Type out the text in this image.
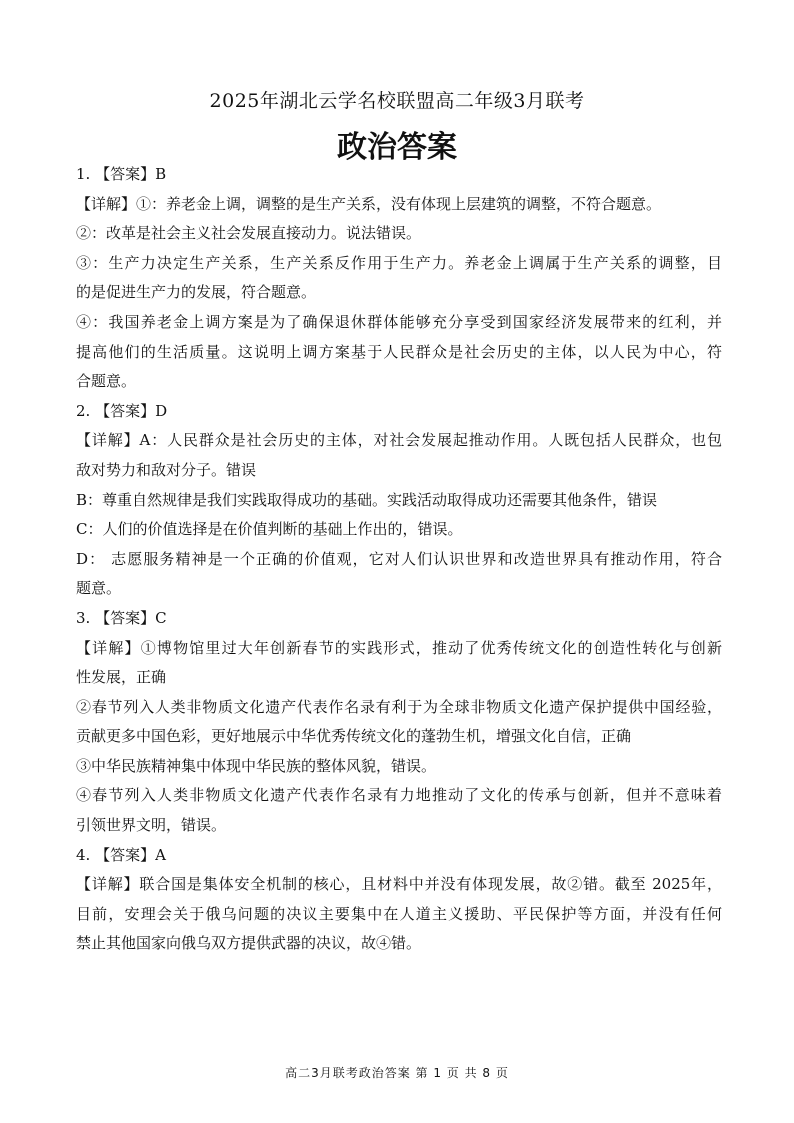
2025年湖北云学名校联盟高二年级3月联考
政治答案
1. 【答案】B
【详解】①：养老金上调，调整的是生产关系，没有体现上层建筑的调整，不符合题意。
②：改革是社会主义社会发展直接动力。说法错误。
③：生产力决定生产关系，生产关系反作用于生产力。养老金上调属于生产关系的调整，目
的是促进生产力的发展，符合题意。
④：我国养老金上调方案是为了确保退休群体能够充分享受到国家经济发展带来的红利，并
提高他们的生活质量。这说明上调方案基于人民群众是社会历史的主体，以人民为中心，符
合题意。
2. 【答案】D
【详解】A：人民群众是社会历史的主体，对社会发展起推动作用。人既包括人民群众，也包
敌对势力和敌对分子。错误
B：尊重自然规律是我们实践取得成功的基础。实践活动取得成功还需要其他条件，错误
C：人们的价值选择是在价值判断的基础上作出的，错误。
D： 志愿服务精神是一个正确的价值观，它对人们认识世界和改造世界具有推动作用，符合
题意。
3. 【答案】C
【详解】①博物馆里过大年创新春节的实践形式，推动了优秀传统文化的创造性转化与创新
性发展，正确
②春节列入人类非物质文化遗产代表作名录有利于为全球非物质文化遗产保护提供中国经验，
贡献更多中国色彩，更好地展示中华优秀传统文化的蓬勃生机，增强文化自信，正确
③中华民族精神集中体现中华民族的整体风貌，错误。
④春节列入人类非物质文化遗产代表作名录有力地推动了文化的传承与创新，但并不意味着
引领世界文明，错误。
4. 【答案】A
【详解】联合国是集体安全机制的核心，且材料中并没有体现发展，故②错。截至 2025年，
目前，安理会关于俄乌问题的决议主要集中在人道主义援助、平民保护等方面，并没有任何
禁止其他国家向俄乌双方提供武器的决议，故④错。
高二3月联考政治答案 第 1 页 共 8 页
